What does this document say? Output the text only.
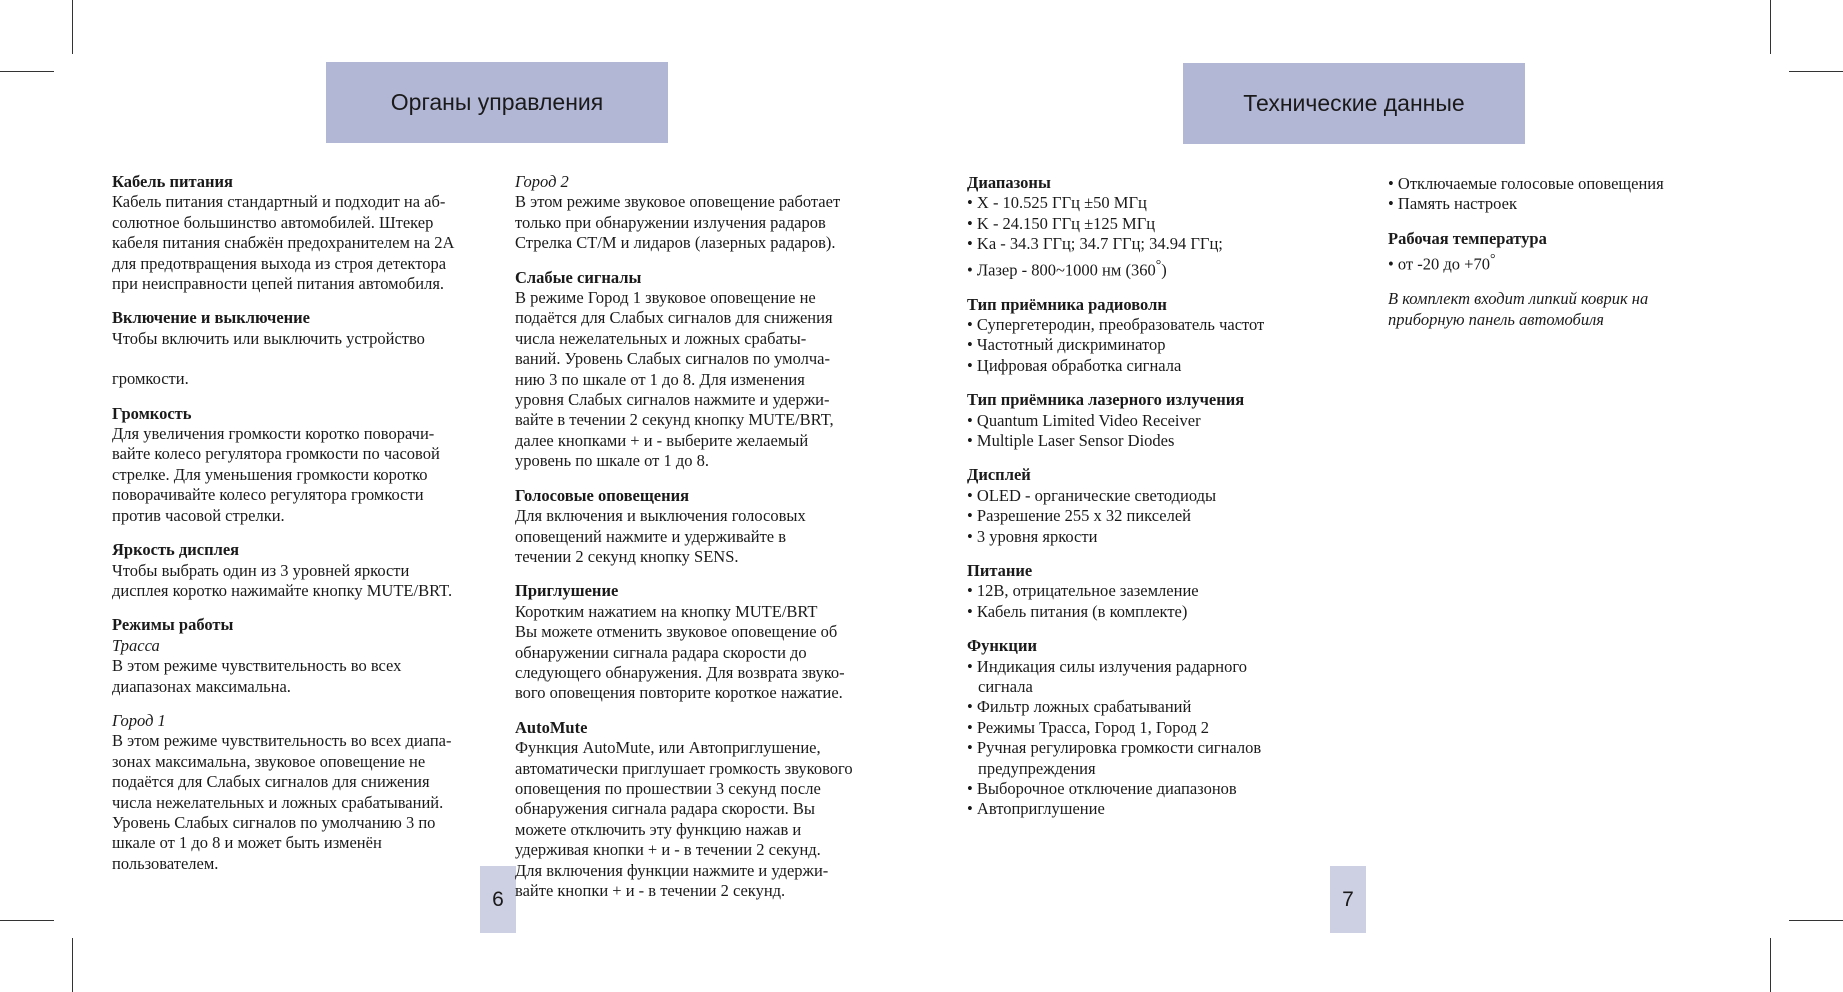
Органы управления	Технические данные
6	7

Кабель питания

Кабель питания стандартный и подходит на аб-

солютное большинство автомобилей. Штекер

кабеля питания снабжён предохранителем на 2А

для предотвращения выхода из строя детектора

при неисправности цепей питания автомобиля.

Включение и выключение

Чтобы включить или выключить устройство

громкости.

Громкость

Для увеличения громкости коротко поворачи-

вайте колесо регулятора громкости по часовой

стрелке. Для уменьшения громкости коротко

поворачивайте колесо регулятора громкости

против часовой стрелки.

Яркость дисплея

Чтобы выбрать один из 3 уровней яркости

дисплея коротко нажимайте кнопку MUTE/BRT.

Режимы работы

Трасса

В этом режиме чувствительность во всех

диапазонах максимальна.

Город 1

В этом режиме чувствительность во всех диапа-

зонах максимальна, звуковое оповещение не

подаётся для Слабых сигналов для снижения

числа нежелательных и ложных срабатываний.

Уровень Слабых сигналов по умолчанию 3 по

шкале от 1 до 8 и может быть изменён

пользователем.

Город 2

В этом режиме звуковое оповещение работает

только при обнаружении излучения радаров

Стрелка СТ/М и лидаров (лазерных радаров).

Слабые сигналы

В режиме Город 1 звуковое оповещение не

подаётся для Слабых сигналов для снижения

числа нежелательных и ложных срабаты-

ваний. Уровень Слабых сигналов по умолча-

нию 3 по шкале от 1 до 8. Для изменения

уровня Слабых сигналов нажмите и удержи-

вайте в течении 2 секунд кнопку MUTE/BRT,

далее кнопками + и - выберите желаемый

уровень по шкале от 1 до 8.

Голосовые оповещения

Для включения и выключения голосовых

оповещений нажмите и удерживайте в

течении 2 секунд кнопку SENS.

Приглушение

Коротким нажатием на кнопку MUTE/BRT

Вы можете отменить звуковое оповещение об

обнаружении сигнала радара скорости до

следующего обнаружения. Для возврата звуко-

вого оповещения повторите короткое нажатие.

AutoMute

Функция AutoMute, или Автоприглушение,

автоматически приглушает громкость звукового

оповещения по прошествии 3 секунд после

обнаружения сигнала радара скорости. Вы

можете отключить эту функцию нажав и

удерживая кнопки + и - в течении 2 секунд.

Для включения функции нажмите и удержи-

вайте кнопки + и - в течении 2 секунд.

Диапазоны

• X - 10.525 ГГц ±50 МГц

• K - 24.150 ГГц ±125 МГц

• Ka - 34.3 ГГц; 34.7 ГГц; 34.94 ГГц;

• Лазер - 800~1000 нм (360°)

Тип приёмника радиоволн

• Супергетеродин, преобразователь частот

• Частотный дискриминатор

• Цифровая обработка сигнала

Тип приёмника лазерного излучения

• Quantum Limited Video Receiver

• Multiple Laser Sensor Diodes

Дисплей

• OLED - органические светодиоды

• Разрешение 255 х 32 пикселей

• 3 уровня яркости

Питание

• 12В, отрицательное заземление

• Кабель питания (в комплекте)

Функции

• Индикация силы излучения радарного

сигнала

• Фильтр ложных срабатываний

• Режимы Трасса, Город 1, Город 2

• Ручная регулировка громкости сигналов

предупреждения

• Выборочное отключение диапазонов

• Автоприглушение

• Отключаемые голосовые оповещения

• Память настроек

Рабочая температура

• от -20 до +70°

В комплект входит липкий коврик на

приборную панель автомобиля
